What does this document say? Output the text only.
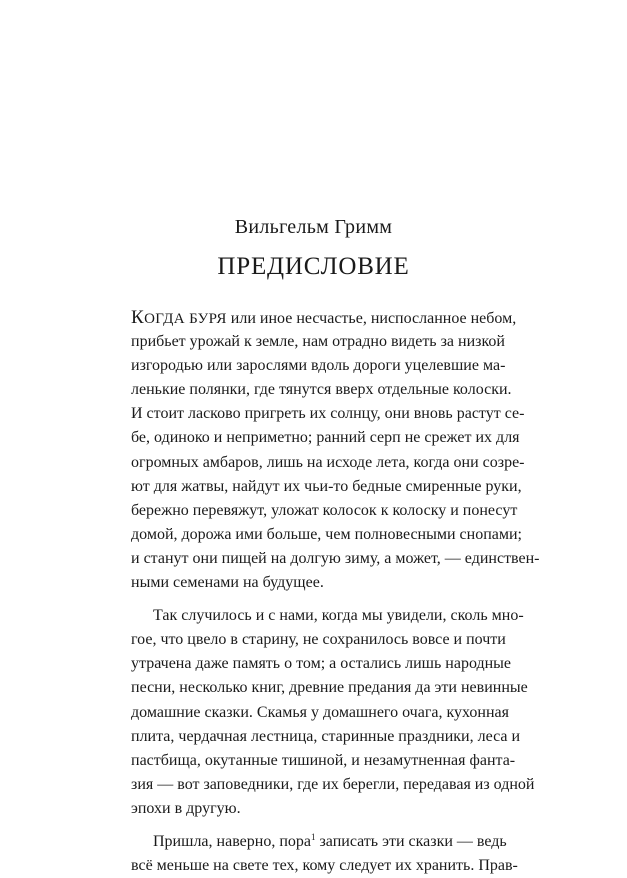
Вильгельм Гримм
ПРЕДИСЛОВИЕ
КОГДА БУРЯ или иное несчастье, ниспосланное небом,
прибьет урожай к земле, нам отрадно видеть за низкой
изгородью или зарослями вдоль дороги уцелевшие ма-
ленькие полянки, где тянутся вверх отдельные колоски.
И стоит ласково пригреть их солнцу, они вновь растут се-
бе, одиноко и неприметно; ранний серп не срежет их для
огромных амбаров, лишь на исходе лета, когда они созре-
ют для жатвы, найдут их чьи-то бедные смиренные руки,
бережно перевяжут, уложат колосок к колоску и понесут
домой, дорожа ими больше, чем полновесными снопами;
и станут они пищей на долгую зиму, а может, — единствен-
ными семенами на будущее.
Так случилось и с нами, когда мы увидели, сколь мно-
гое, что цвело в старину, не сохранилось вовсе и почти
утрачена даже память о том; а остались лишь народные
песни, несколько книг, древние предания да эти невинные
домашние сказки. Скамья у домашнего очага, кухонная
плита, чердачная лестница, старинные праздники, леса и
пастбища, окутанные тишиной, и незамутненная фанта-
зия — вот заповедники, где их берегли, передавая из одной
эпохи в другую.
Пришла, наверно, пора$^1$ записать эти сказки — ведь
всё меньше на свете тех, кому следует их хранить. Прав-
